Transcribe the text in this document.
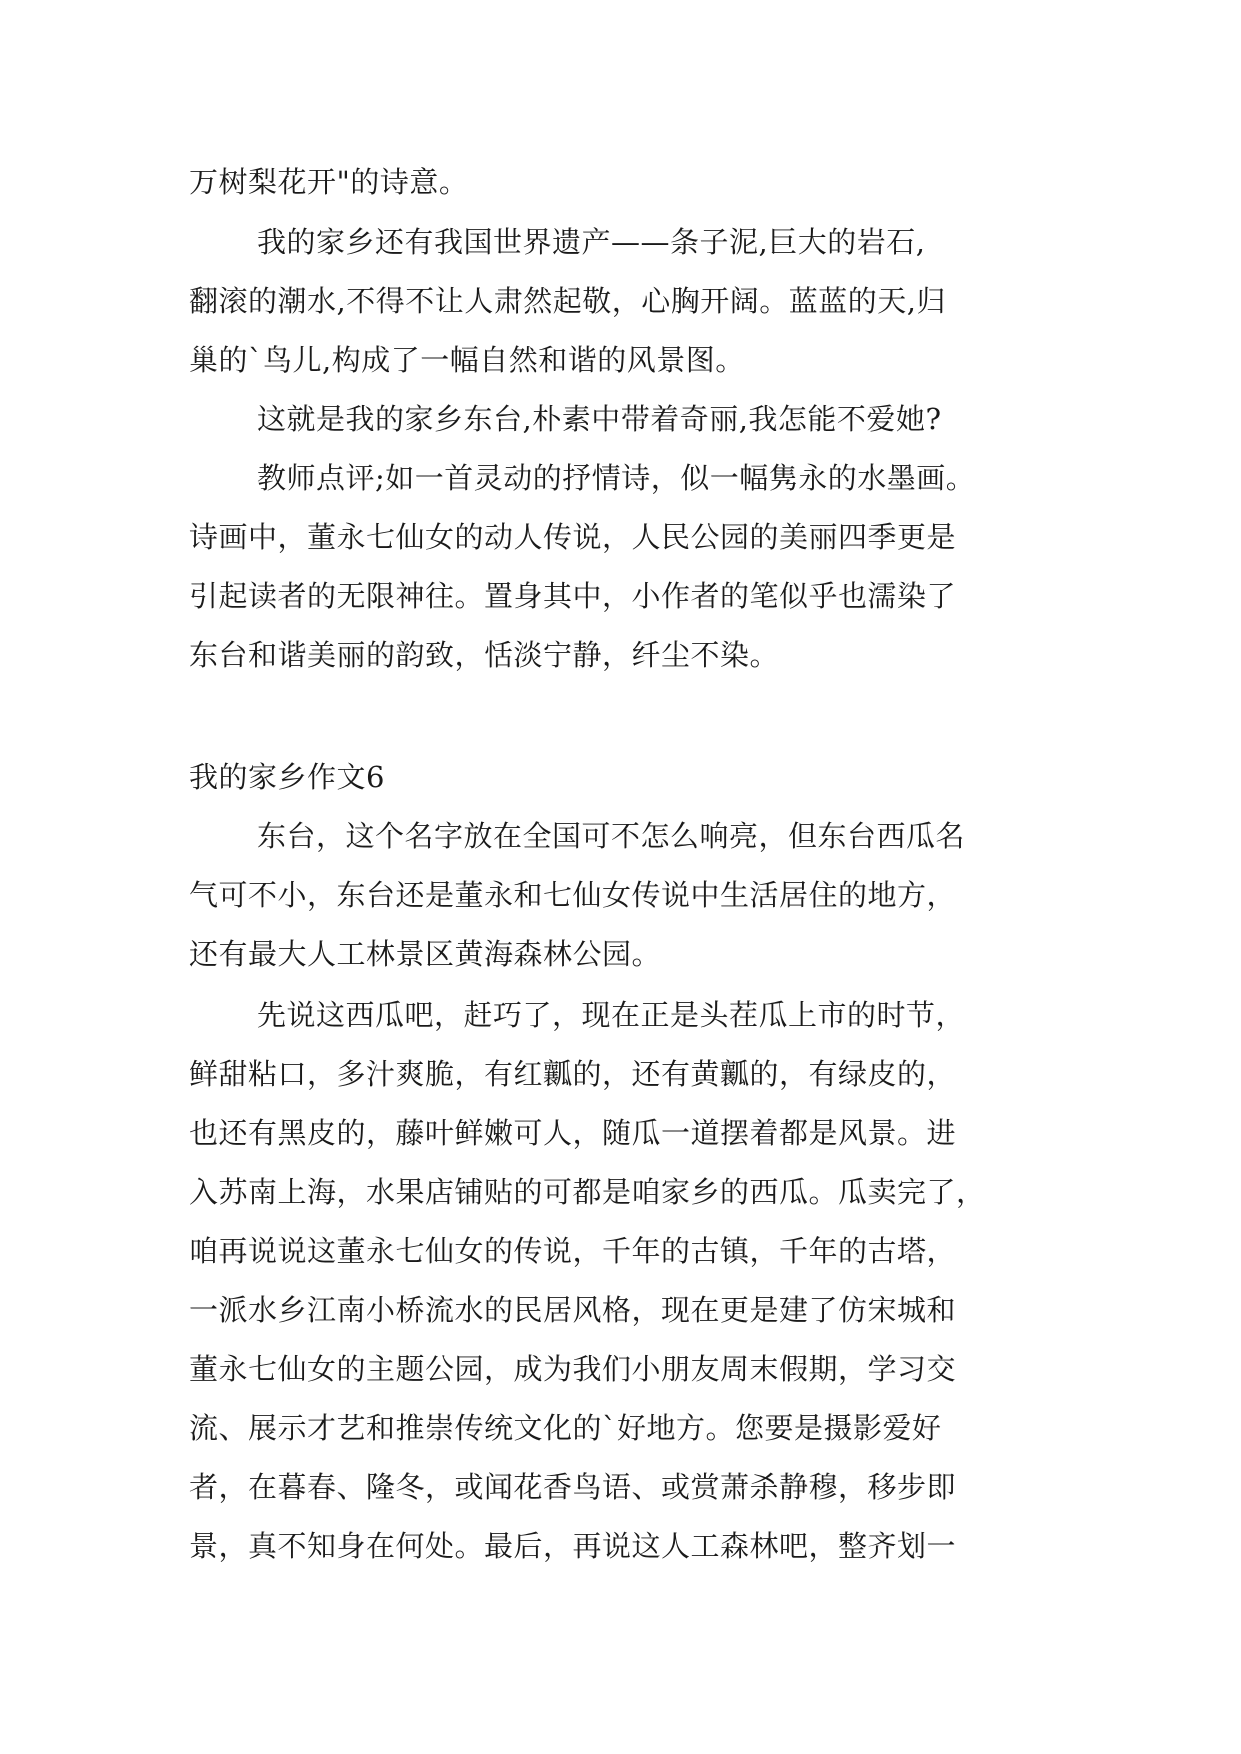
万树梨花开"的诗意。
我的家乡还有我国世界遗产——条子泥,巨大的岩石,
翻滚的潮水,不得不让人肃然起敬，心胸开阔。蓝蓝的天,归
巢的`鸟儿,构成了一幅自然和谐的风景图。
这就是我的家乡东台,朴素中带着奇丽,我怎能不爱她?
教师点评;如一首灵动的抒情诗，似一幅隽永的水墨画。
诗画中，董永七仙女的动人传说，人民公园的美丽四季更是
引起读者的无限神往。置身其中，小作者的笔似乎也濡染了
东台和谐美丽的韵致，恬淡宁静，纤尘不染。
我的家乡作文6
东台，这个名字放在全国可不怎么响亮，但东台西瓜名
气可不小，东台还是董永和七仙女传说中生活居住的地方，
还有最大人工林景区黄海森林公园。
先说这西瓜吧，赶巧了，现在正是头茬瓜上市的时节，
鲜甜粘口，多汁爽脆，有红瓤的，还有黄瓤的，有绿皮的，
也还有黑皮的，藤叶鲜嫩可人，随瓜一道摆着都是风景。进
入苏南上海，水果店铺贴的可都是咱家乡的西瓜。瓜卖完了，
咱再说说这董永七仙女的传说，千年的古镇，千年的古塔，
一派水乡江南小桥流水的民居风格，现在更是建了仿宋城和
董永七仙女的主题公园，成为我们小朋友周末假期，学习交
流、展示才艺和推崇传统文化的`好地方。您要是摄影爱好
者，在暮春、隆冬，或闻花香鸟语、或赏萧杀静穆，移步即
景，真不知身在何处。最后，再说这人工森林吧，整齐划一
